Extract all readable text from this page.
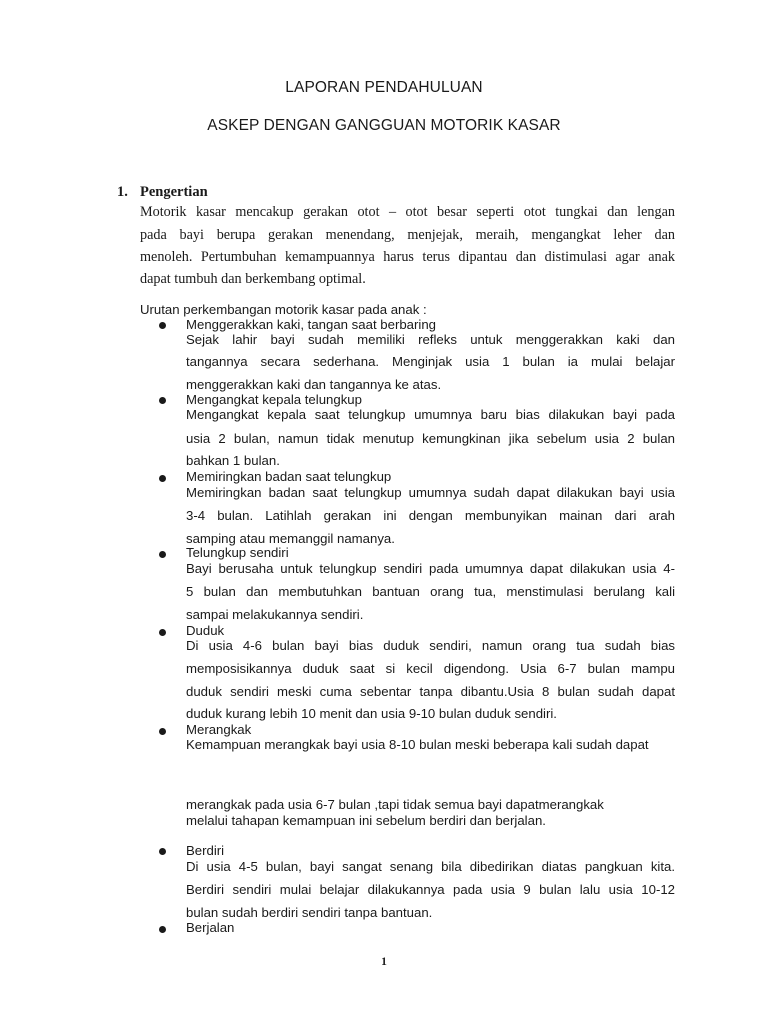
LAPORAN PENDAHULUAN
ASKEP DENGAN GANGGUAN MOTORIK KASAR
1. Pengertian
Motorik kasar mencakup gerakan otot – otot besar seperti otot tungkai dan lengan
pada bayi berupa gerakan menendang, menjejak, meraih, mengangkat leher dan
menoleh. Pertumbuhan kemampuannya harus terus dipantau dan distimulasi agar anak
dapat tumbuh dan berkembang optimal.
Urutan perkembangan motorik kasar pada anak :
Menggerakkan kaki, tangan saat berbaring
Sejak lahir bayi sudah memiliki refleks untuk menggerakkan kaki dan
tangannya secara sederhana. Menginjak usia 1 bulan ia mulai belajar
menggerakkan kaki dan tangannya ke atas.
Mengangkat kepala telungkup
Mengangkat kepala saat telungkup umumnya baru bias dilakukan bayi pada
usia 2 bulan, namun tidak menutup kemungkinan jika sebelum usia 2 bulan
bahkan 1 bulan.
Memiringkan badan saat telungkup
Memiringkan badan saat telungkup umumnya sudah dapat dilakukan bayi usia
3-4 bulan. Latihlah gerakan ini dengan membunyikan mainan dari arah
samping atau memanggil namanya.
Telungkup sendiri
Bayi berusaha untuk telungkup sendiri pada umumnya dapat dilakukan usia 4-
5 bulan dan membutuhkan bantuan orang tua, menstimulasi berulang kali
sampai melakukannya sendiri.
Duduk
Di usia 4-6 bulan bayi bias duduk sendiri, namun orang tua sudah bias
memposisikannya duduk saat si kecil digendong. Usia 6-7 bulan mampu
duduk sendiri meski cuma sebentar tanpa dibantu.Usia 8 bulan sudah dapat
duduk kurang lebih 10 menit dan usia 9-10 bulan duduk sendiri.
Merangkak
Kemampuan merangkak bayi usia 8-10 bulan meski beberapa kali sudah dapat
merangkak pada usia 6-7 bulan ,tapi tidak semua bayi dapatmerangkak
melalui tahapan kemampuan ini sebelum berdiri dan berjalan.
Berdiri
Di usia 4-5 bulan, bayi sangat senang bila dibedirikan diatas pangkuan kita.
Berdiri sendiri mulai belajar dilakukannya pada usia 9 bulan lalu usia 10-12
bulan sudah berdiri sendiri tanpa bantuan.
Berjalan
1
